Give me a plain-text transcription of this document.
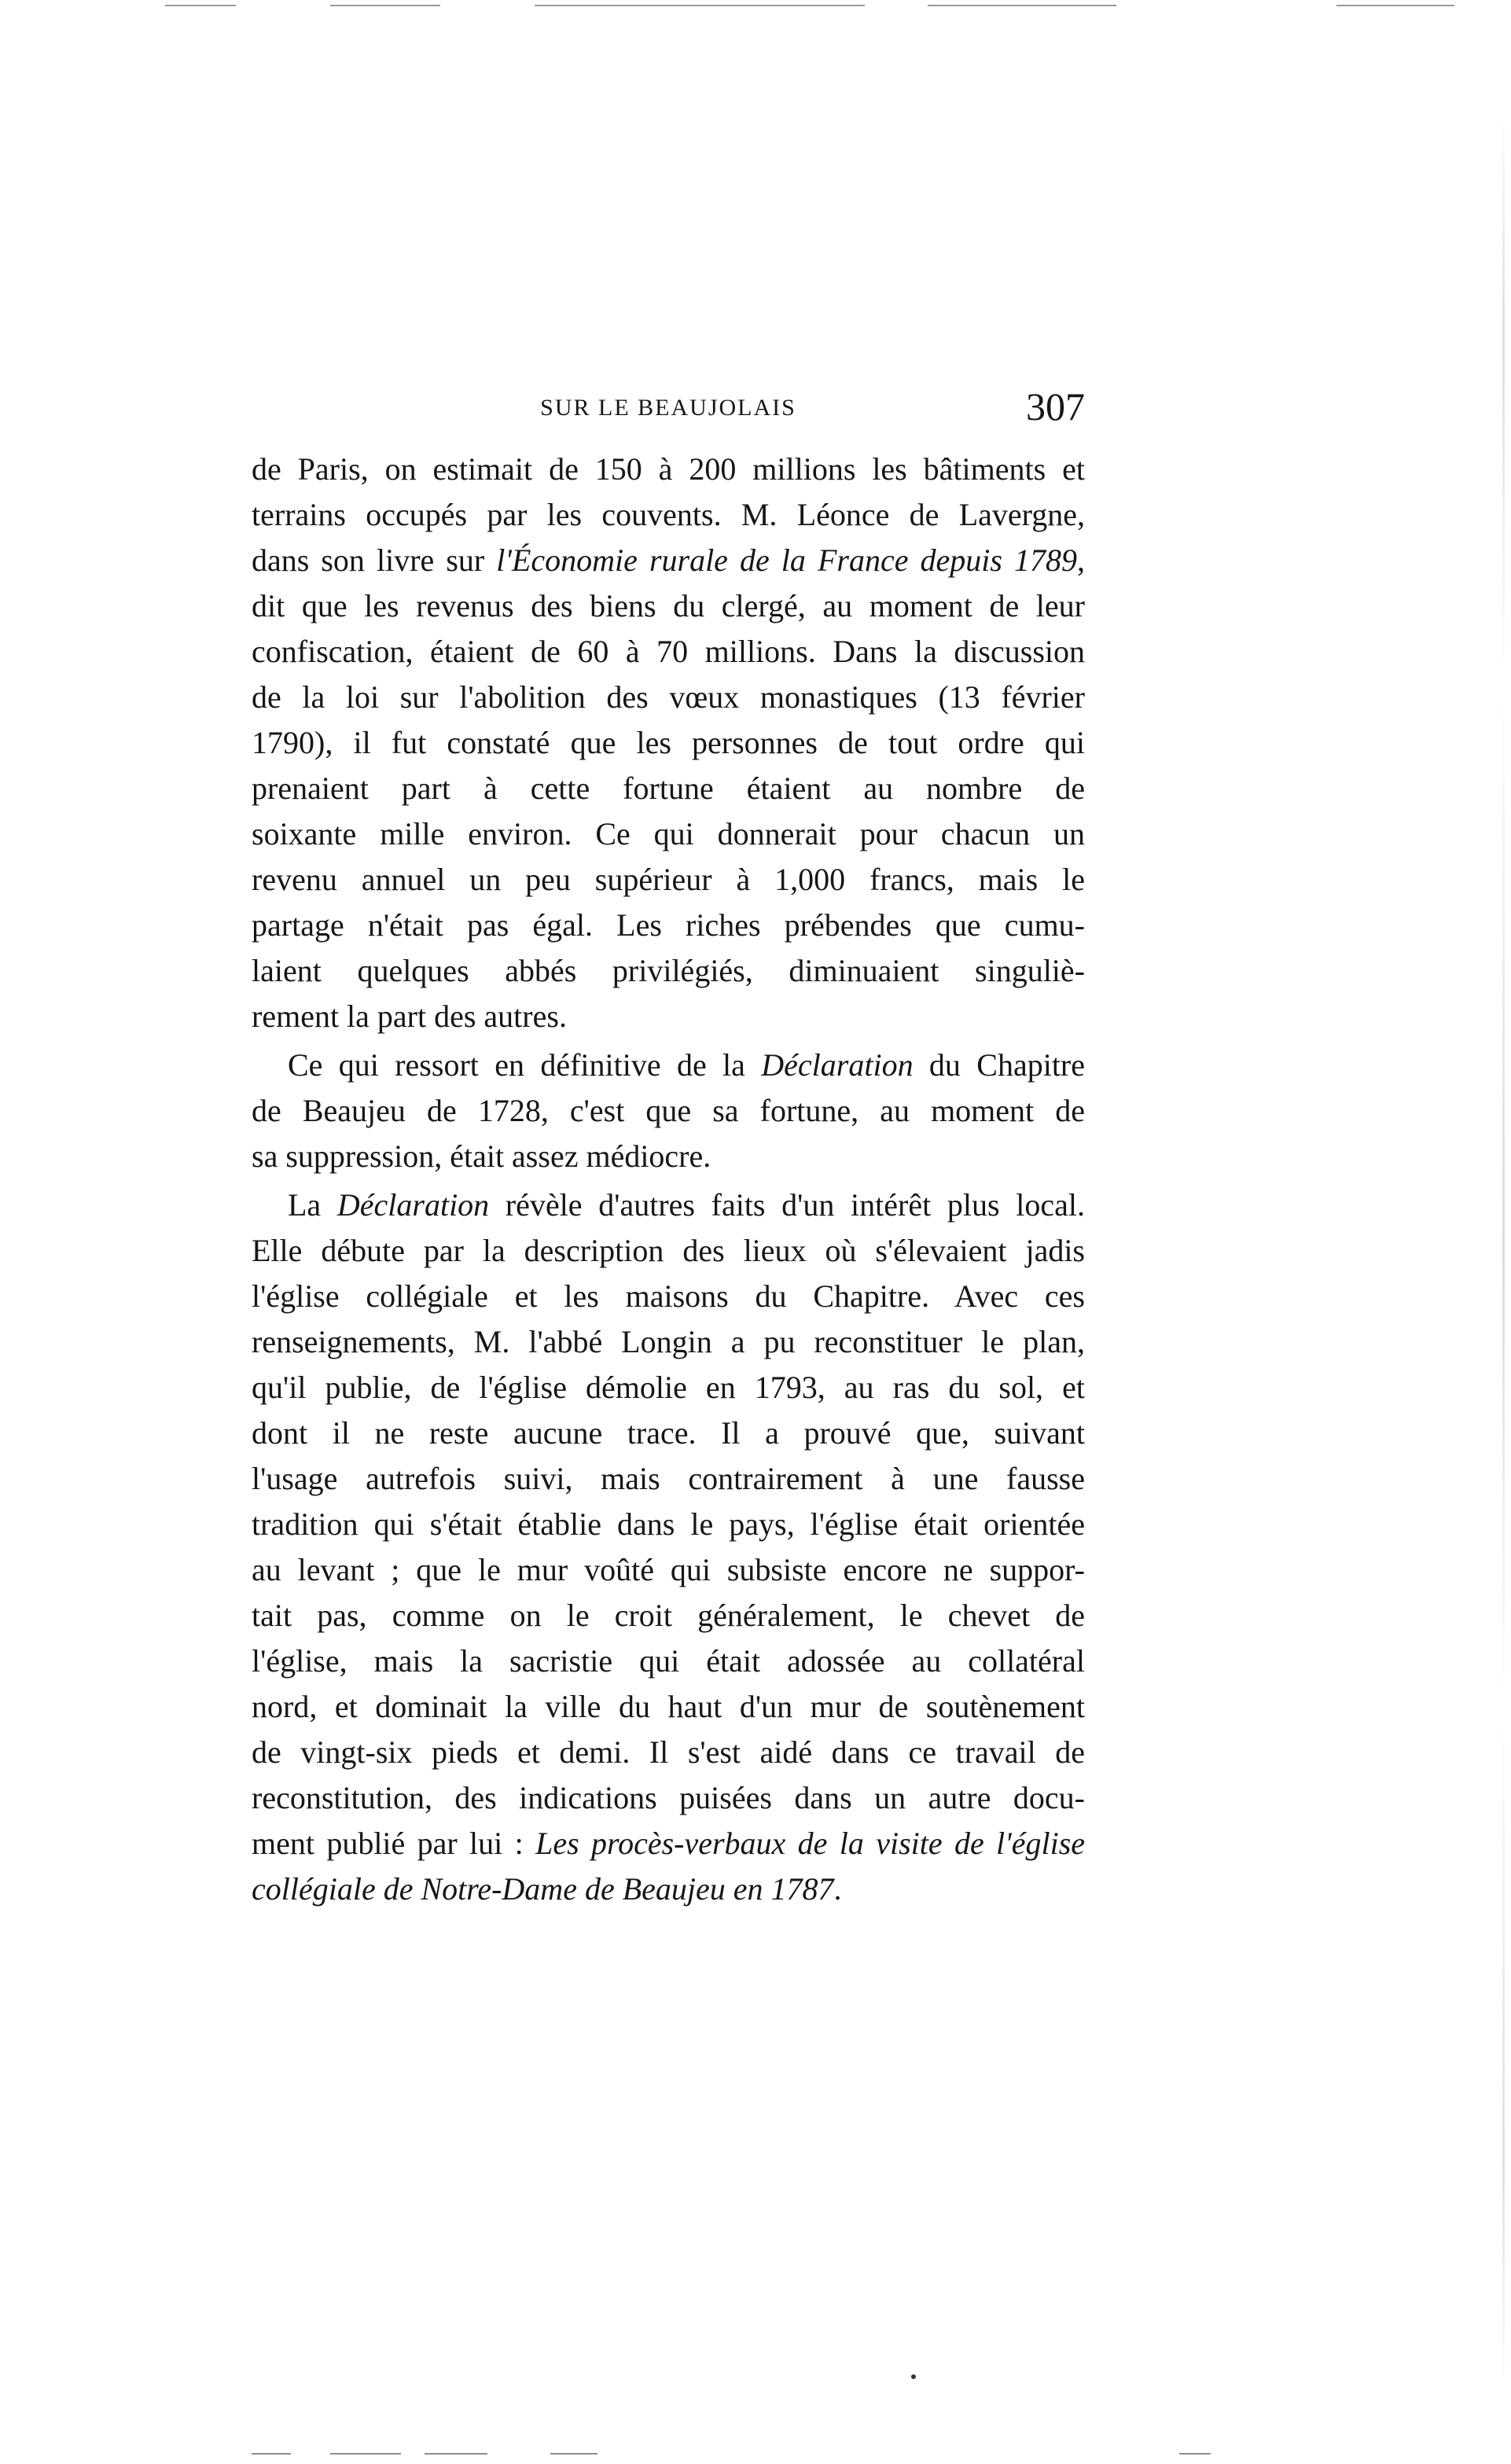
SUR LE BEAUJOLAIS	307
de Paris, on estimait de 150 à 200 millions les bâtiments et
terrains occupés par les couvents. M. Léonce de Lavergne,
dans son livre sur l'Économie rurale de la France depuis 1789,
dit que les revenus des biens du clergé, au moment de leur
confiscation, étaient de 60 à 70 millions. Dans la discussion
de la loi sur l'abolition des vœux monastiques (13 février
1790), il fut constaté que les personnes de tout ordre qui
prenaient part à cette fortune étaient au nombre de
soixante mille environ. Ce qui donnerait pour chacun un
revenu annuel un peu supérieur à 1,000 francs, mais le
partage n'était pas égal. Les riches prébendes que cumu-
laient quelques abbés privilégiés, diminuaient singuliè-
rement la part des autres.
Ce qui ressort en définitive de la Déclaration du Chapitre
de Beaujeu de 1728, c'est que sa fortune, au moment de
sa suppression, était assez médiocre.
La Déclaration révèle d'autres faits d'un intérêt plus local.
Elle débute par la description des lieux où s'élevaient jadis
l'église collégiale et les maisons du Chapitre. Avec ces
renseignements, M. l'abbé Longin a pu reconstituer le plan,
qu'il publie, de l'église démolie en 1793, au ras du sol, et
dont il ne reste aucune trace. Il a prouvé que, suivant
l'usage autrefois suivi, mais contrairement à une fausse
tradition qui s'était établie dans le pays, l'église était orientée
au levant ; que le mur voûté qui subsiste encore ne suppor-
tait pas, comme on le croit généralement, le chevet de
l'église, mais la sacristie qui était adossée au collatéral
nord, et dominait la ville du haut d'un mur de soutènement
de vingt-six pieds et demi. Il s'est aidé dans ce travail de
reconstitution, des indications puisées dans un autre docu-
ment publié par lui : Les procès-verbaux de la visite de l'église
collégiale de Notre-Dame de Beaujeu en 1787.
